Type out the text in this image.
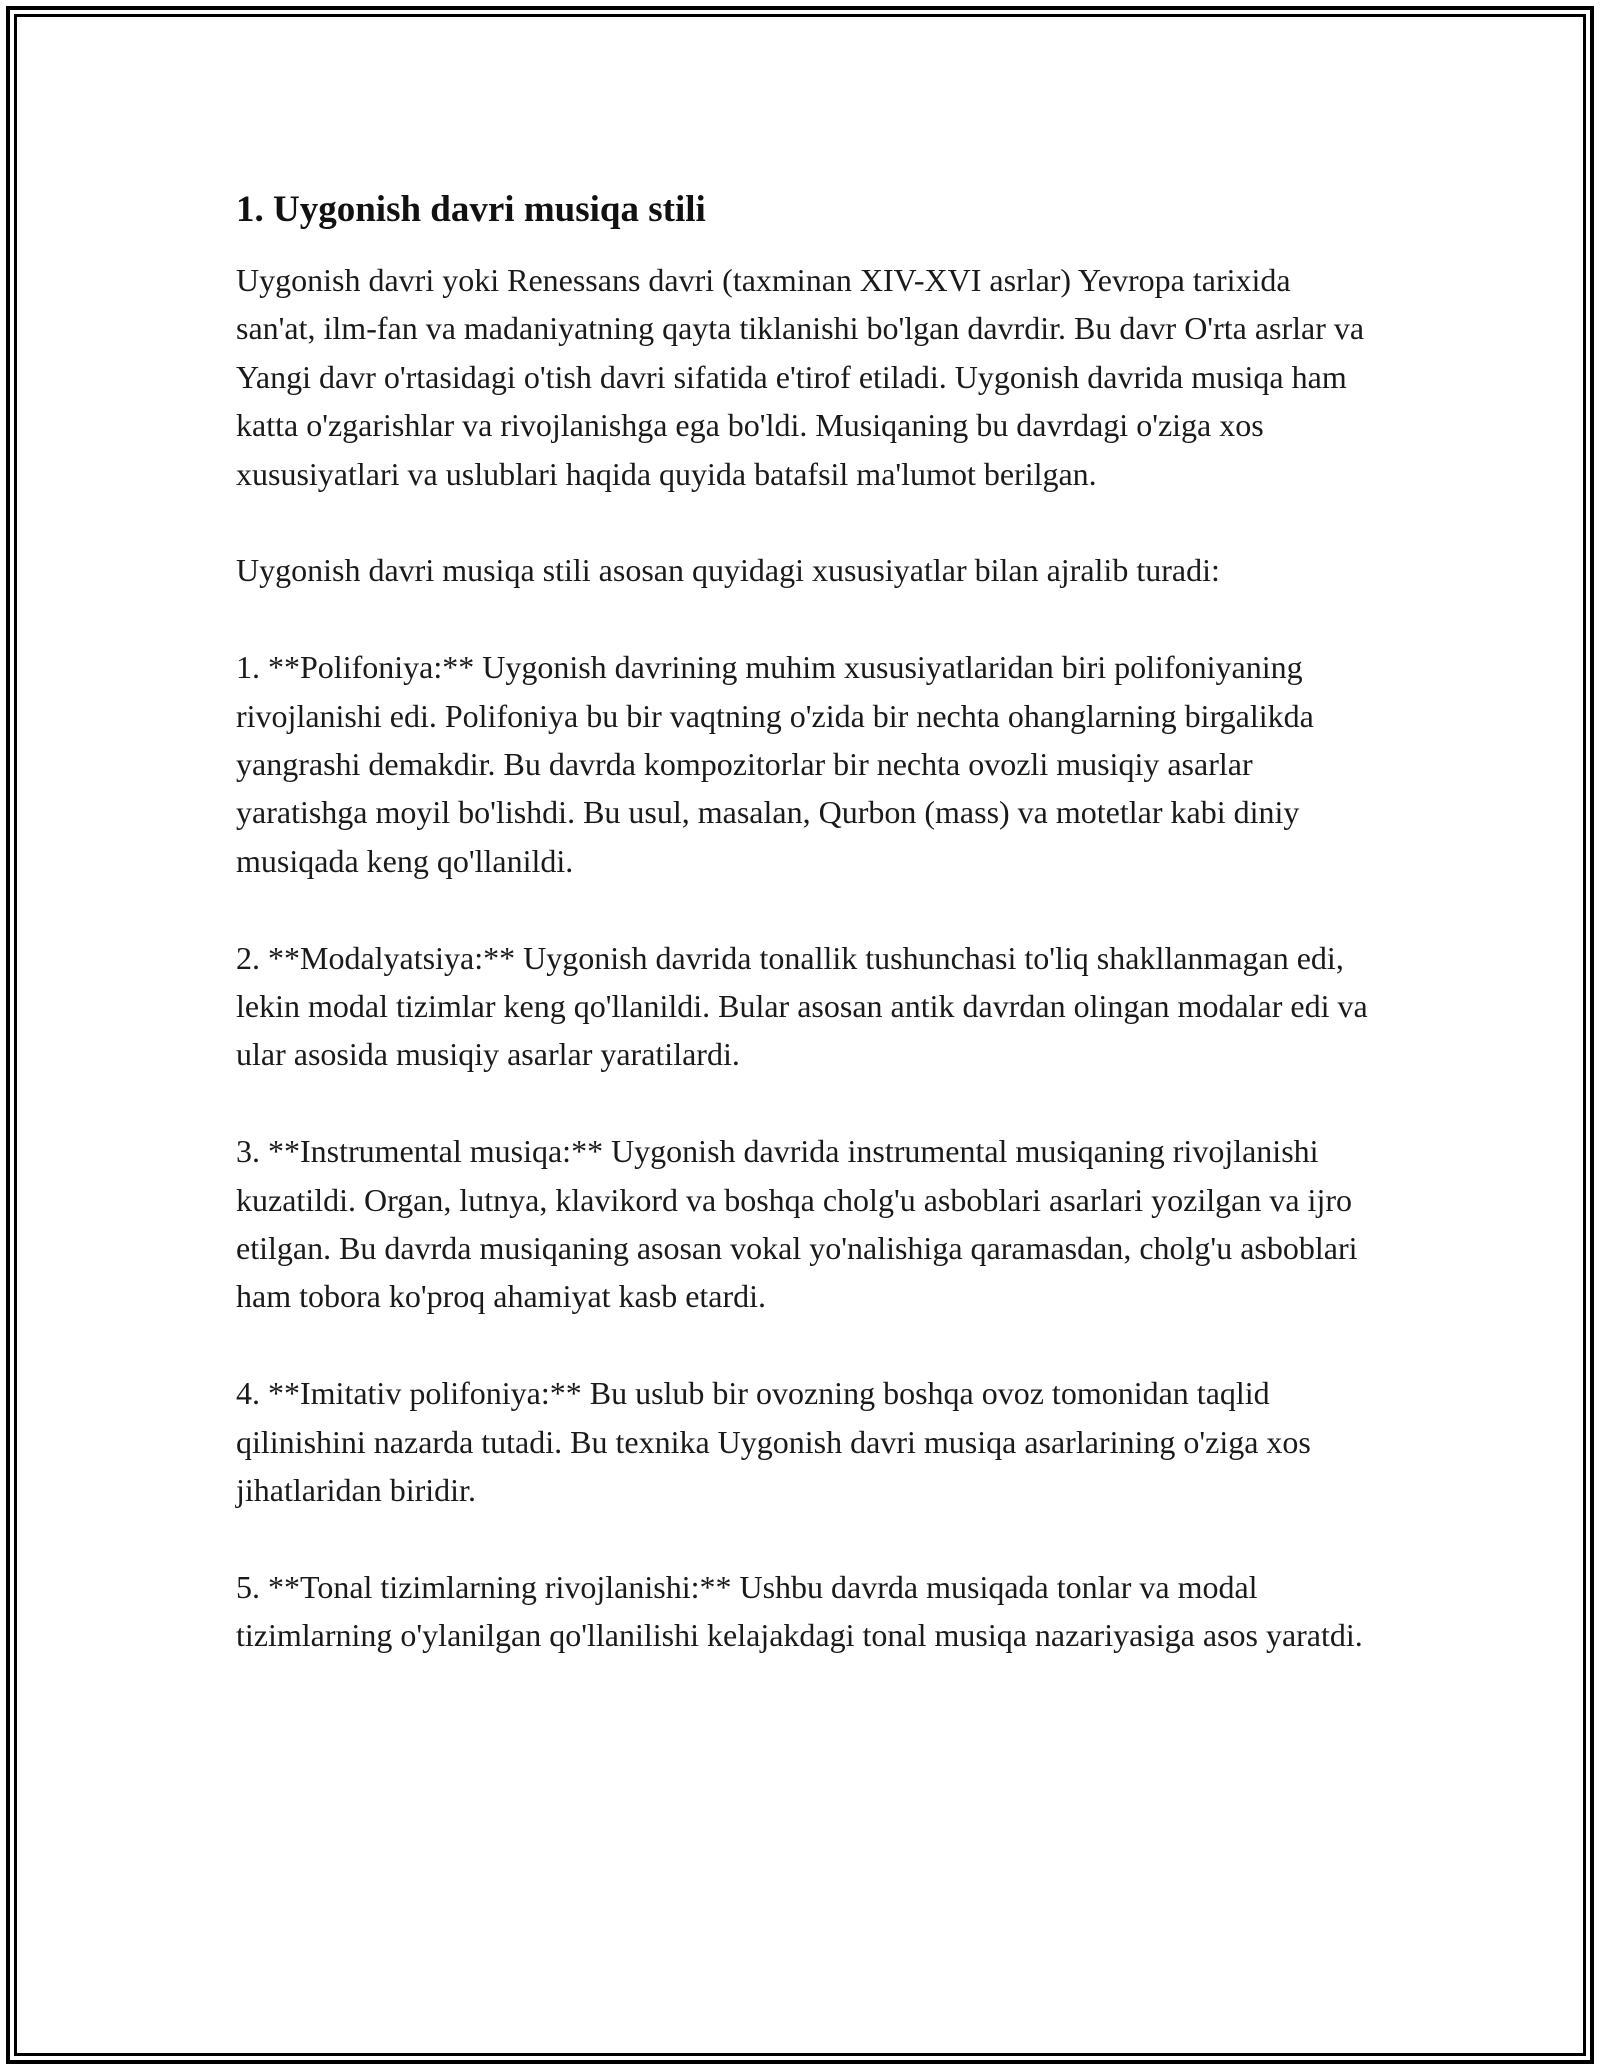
1. Uygonish davri musiqa stili

Uygonish davri yoki Renessans davri (taxminan XIV-XVI asrlar) Yevropa tarixida san'at, ilm-fan va madaniyatning qayta tiklanishi bo'lgan davrdir. Bu davr O'rta asrlar va Yangi davr o'rtasidagi o'tish davri sifatida e'tirof etiladi. Uygonish davrida musiqa ham katta o'zgarishlar va rivojlanishga ega bo'ldi. Musiqaning bu davrdagi o'ziga xos xususiyatlari va uslublari haqida quyida batafsil ma'lumot berilgan.

Uygonish davri musiqa stili asosan quyidagi xususiyatlar bilan ajralib turadi:

1. **Polifoniya:** Uygonish davrining muhim xususiyatlaridan biri polifoniyaning rivojlanishi edi. Polifoniya bu bir vaqtning o'zida bir nechta ohanglarning birgalikda yangrashi demakdir. Bu davrda kompozitorlar bir nechta ovozli musiqiy asarlar yaratishga moyil bo'lishdi. Bu usul, masalan, Qurbon (mass) va motetlar kabi diniy musiqada keng qo'llanildi.

2. **Modalyatsiya:** Uygonish davrida tonallik tushunchasi to'liq shakllanmagan edi, lekin modal tizimlar keng qo'llanildi. Bular asosan antik davrdan olingan modalar edi va ular asosida musiqiy asarlar yaratilardi.

3. **Instrumental musiqa:** Uygonish davrida instrumental musiqaning rivojlanishi kuzatildi. Organ, lutnya, klavikord va boshqa cholg'u asboblari asarlari yozilgan va ijro etilgan. Bu davrda musiqaning asosan vokal yo'nalishiga qaramasdan, cholg'u asboblari ham tobora ko'proq ahamiyat kasb etardi.

4. **Imitativ polifoniya:** Bu uslub bir ovozning boshqa ovoz tomonidan taqlid qilinishini nazarda tutadi. Bu texnika Uygonish davri musiqa asarlarining o'ziga xos jihatlaridan biridir.

5. **Tonal tizimlarning rivojlanishi:** Ushbu davrda musiqada tonlar va modal tizimlarning o'ylanilgan qo'llanilishi kelajakdagi tonal musiqa nazariyasiga asos yaratdi.
